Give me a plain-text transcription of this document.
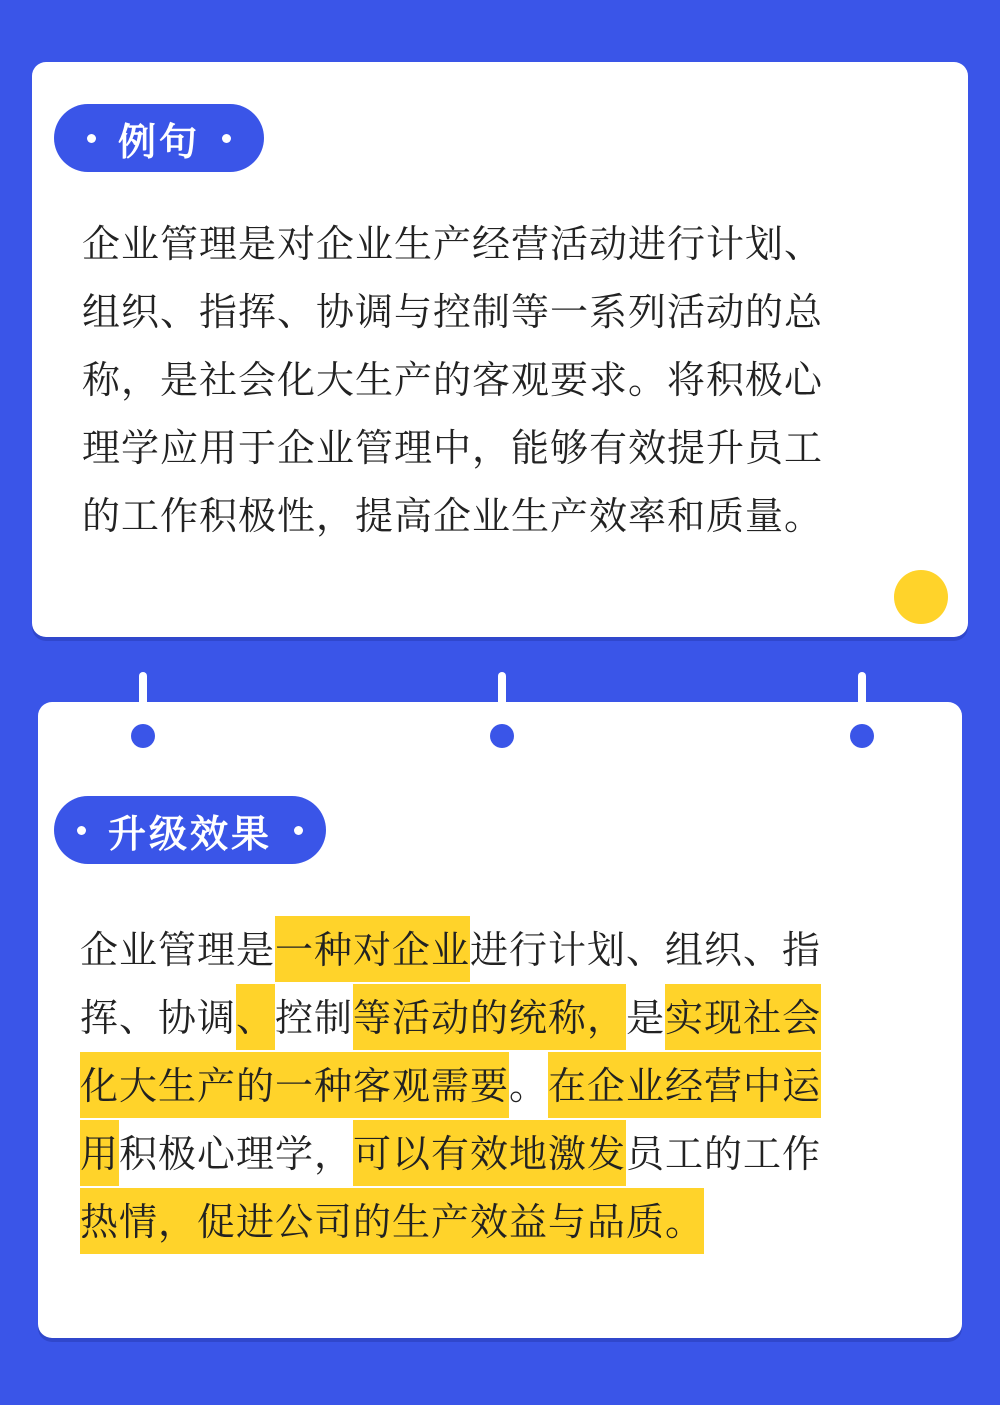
例句
企业管理是对企业生产经营活动进行计划、
组织、指挥、协调与控制等一系列活动的总
称，是社会化大生产的客观要求。将积极心
理学应用于企业管理中，能够有效提升员工
的工作积极性，提高企业生产效率和质量。
升级效果
企业管理是一种对企业进行计划、组织、指
挥、协调、控制等活动的统称，是实现社会
化大生产的一种客观需要。在企业经营中运
用积极心理学，可以有效地激发员工的工作
热情，促进公司的生产效益与品质。
